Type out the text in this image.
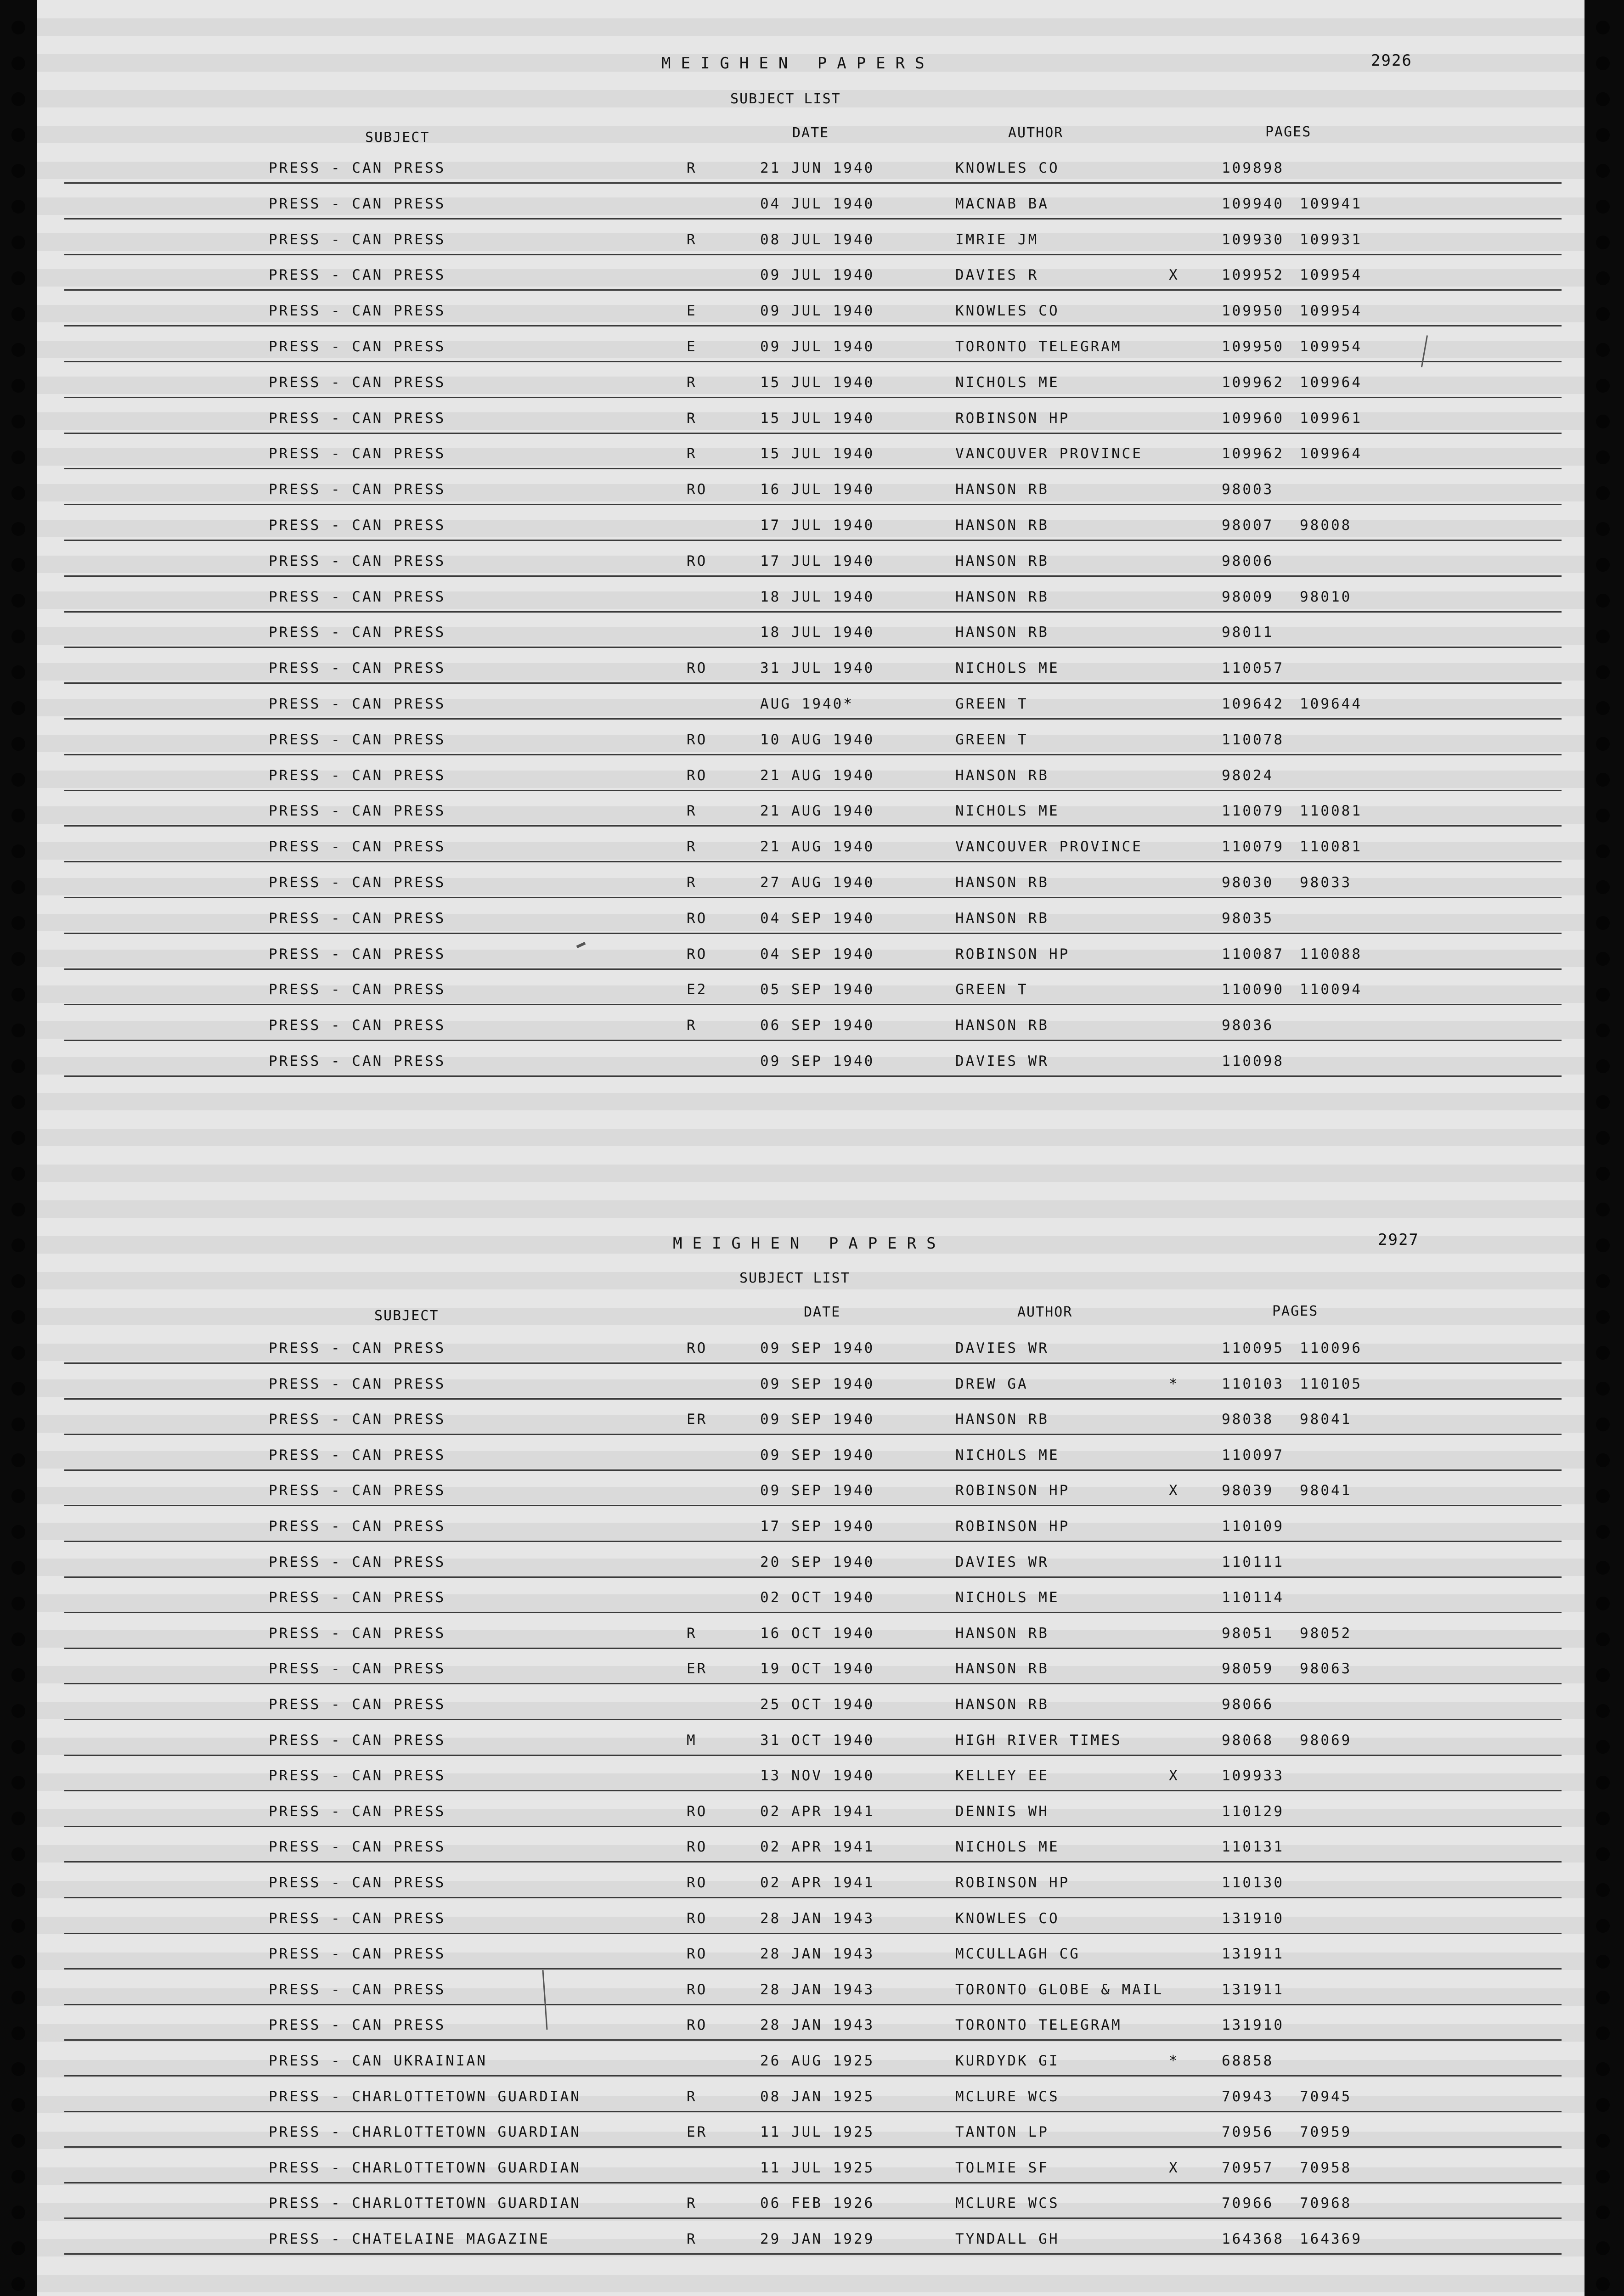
MEIGHEN PAPERS	2926
SUBJECT LIST
SUBJECT	DATE	AUTHOR	PAGES
PRESS - CAN PRESS	R	21 JUN 1940	KNOWLES CO	109898
PRESS - CAN PRESS	04 JUL 1940	MACNAB BA	109940	109941
PRESS - CAN PRESS	R	08 JUL 1940	IMRIE JM	109930	109931
PRESS - CAN PRESS	09 JUL 1940	DAVIES R	X	109952	109954
PRESS - CAN PRESS	E	09 JUL 1940	KNOWLES CO	109950	109954
PRESS - CAN PRESS	E	09 JUL 1940	TORONTO TELEGRAM	109950	109954
PRESS - CAN PRESS	R	15 JUL 1940	NICHOLS ME	109962	109964
PRESS - CAN PRESS	R	15 JUL 1940	ROBINSON HP	109960	109961
PRESS - CAN PRESS	R	15 JUL 1940	VANCOUVER PROVINCE	109962	109964
PRESS - CAN PRESS	RO	16 JUL 1940	HANSON RB	98003
PRESS - CAN PRESS	17 JUL 1940	HANSON RB	98007	98008
PRESS - CAN PRESS	RO	17 JUL 1940	HANSON RB	98006
PRESS - CAN PRESS	18 JUL 1940	HANSON RB	98009	98010
PRESS - CAN PRESS	18 JUL 1940	HANSON RB	98011
PRESS - CAN PRESS	RO	31 JUL 1940	NICHOLS ME	110057
PRESS - CAN PRESS	AUG 1940*	GREEN T	109642	109644
PRESS - CAN PRESS	RO	10 AUG 1940	GREEN T	110078
PRESS - CAN PRESS	RO	21 AUG 1940	HANSON RB	98024
PRESS - CAN PRESS	R	21 AUG 1940	NICHOLS ME	110079	110081
PRESS - CAN PRESS	R	21 AUG 1940	VANCOUVER PROVINCE	110079	110081
PRESS - CAN PRESS	R	27 AUG 1940	HANSON RB	98030	98033
PRESS - CAN PRESS	RO	04 SEP 1940	HANSON RB	98035
PRESS - CAN PRESS	RO	04 SEP 1940	ROBINSON HP	110087	110088
PRESS - CAN PRESS	E2	05 SEP 1940	GREEN T	110090	110094
PRESS - CAN PRESS	R	06 SEP 1940	HANSON RB	98036
PRESS - CAN PRESS	09 SEP 1940	DAVIES WR	110098
MEIGHEN PAPERS	2927
SUBJECT LIST
SUBJECT	DATE	AUTHOR	PAGES
PRESS - CAN PRESS	RO	09 SEP 1940	DAVIES WR	110095	110096
PRESS - CAN PRESS	09 SEP 1940	DREW GA	*	110103	110105
PRESS - CAN PRESS	ER	09 SEP 1940	HANSON RB	98038	98041
PRESS - CAN PRESS	09 SEP 1940	NICHOLS ME	110097
PRESS - CAN PRESS	09 SEP 1940	ROBINSON HP	X	98039	98041
PRESS - CAN PRESS	17 SEP 1940	ROBINSON HP	110109
PRESS - CAN PRESS	20 SEP 1940	DAVIES WR	110111
PRESS - CAN PRESS	02 OCT 1940	NICHOLS ME	110114
PRESS - CAN PRESS	R	16 OCT 1940	HANSON RB	98051	98052
PRESS - CAN PRESS	ER	19 OCT 1940	HANSON RB	98059	98063
PRESS - CAN PRESS	25 OCT 1940	HANSON RB	98066
PRESS - CAN PRESS	M	31 OCT 1940	HIGH RIVER TIMES	98068	98069
PRESS - CAN PRESS	13 NOV 1940	KELLEY EE	X	109933
PRESS - CAN PRESS	RO	02 APR 1941	DENNIS WH	110129
PRESS - CAN PRESS	RO	02 APR 1941	NICHOLS ME	110131
PRESS - CAN PRESS	RO	02 APR 1941	ROBINSON HP	110130
PRESS - CAN PRESS	RO	28 JAN 1943	KNOWLES CO	131910
PRESS - CAN PRESS	RO	28 JAN 1943	MCCULLAGH CG	131911
PRESS - CAN PRESS	RO	28 JAN 1943	TORONTO GLOBE & MAIL	131911
PRESS - CAN PRESS	RO	28 JAN 1943	TORONTO TELEGRAM	131910
PRESS - CAN UKRAINIAN	26 AUG 1925	KURDYDK GI	*	68858
PRESS - CHARLOTTETOWN GUARDIAN	R	08 JAN 1925	MCLURE WCS	70943	70945
PRESS - CHARLOTTETOWN GUARDIAN	ER	11 JUL 1925	TANTON LP	70956	70959
PRESS - CHARLOTTETOWN GUARDIAN	11 JUL 1925	TOLMIE SF	X	70957	70958
PRESS - CHARLOTTETOWN GUARDIAN	R	06 FEB 1926	MCLURE WCS	70966	70968
PRESS - CHATELAINE MAGAZINE	R	29 JAN 1929	TYNDALL GH	164368	164369
